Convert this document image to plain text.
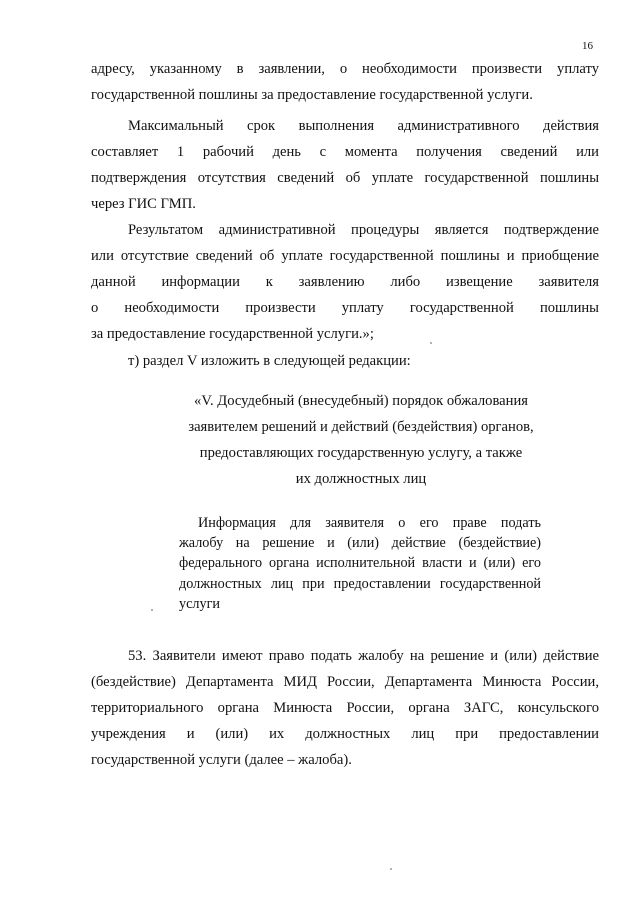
16
адресу, указанному в заявлении, о необходимости произвести уплату
государственной пошлины за предоставление государственной услуги.
Максимальный срок выполнения административного действия
составляет 1 рабочий день с момента получения сведений или
подтверждения отсутствия сведений об уплате государственной пошлины
через ГИС ГМП.
Результатом административной процедуры является подтверждение
или отсутствие сведений об уплате государственной пошлины и приобщение
данной информации к заявлению либо извещение заявителя
о необходимости произвести уплату государственной пошлины
за предоставление государственной услуги.»;
т) раздел V изложить в следующей редакции:
«V. Досудебный (внесудебный) порядок обжалования
заявителем решений и действий (бездействия) органов,
предоставляющих государственную услугу, а также
их должностных лиц
Информация для заявителя о его праве подать
жалобу на решение и (или) действие (бездействие)
федерального органа исполнительной власти и (или) его
должностных лиц при предоставлении государственной
услуги
53. Заявители имеют право подать жалобу на решение и (или) действие
(бездействие) Департамента МИД России, Департамента Минюста России,
территориального органа Минюста России, органа ЗАГС, консульского
учреждения и (или) их должностных лиц при предоставлении
государственной услуги (далее – жалоба).
